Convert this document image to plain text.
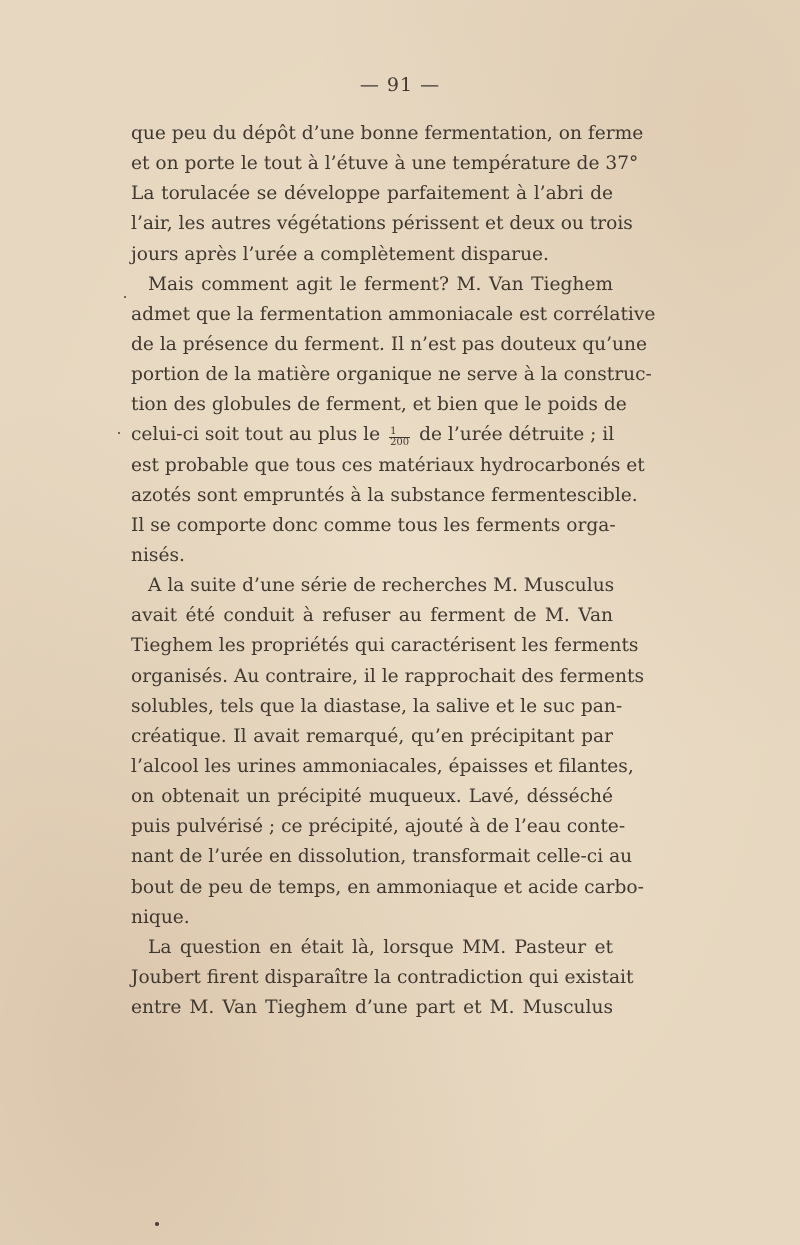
— 91 —
que peu du dépôt d’une bonne fermentation, on ferme
et on porte le tout à l’étuve à une température de 37°
La torulacée se développe parfaitement à l’abri de
l’air, les autres végétations périssent et deux ou trois
jours après l’urée a complètement disparue.
Mais comment agit le ferment? M. Van Tieghem
admet que la fermentation ammoniacale est corrélative
de la présence du ferment. Il n’est pas douteux qu’une
portion de la matière organique ne serve à la construc-
tion des globules de ferment, et bien que le poids de
celui-ci soit tout au plus le $\frac{1}{200}$ de l’urée détruite ; il
est probable que tous ces matériaux hydrocarbonés et
azotés sont empruntés à la substance fermentescible.
Il se comporte donc comme tous les ferments orga-
nisés.
A la suite d’une série de recherches M. Musculus
avait été conduit à refuser au ferment de M. Van
Tieghem les propriétés qui caractérisent les ferments
organisés. Au contraire, il le rapprochait des ferments
solubles, tels que la diastase, la salive et le suc pan-
créatique. Il avait remarqué, qu’en précipitant par
l’alcool les urines ammoniacales, épaisses et filantes,
on obtenait un précipité muqueux. Lavé, désséché
puis pulvérisé ; ce précipité, ajouté à de l’eau conte-
nant de l’urée en dissolution, transformait celle-ci au
bout de peu de temps, en ammoniaque et acide carbo-
nique.
La question en était là, lorsque MM. Pasteur et
Joubert firent disparaître la contradiction qui existait
entre M. Van Tieghem d’une part et M. Musculus
